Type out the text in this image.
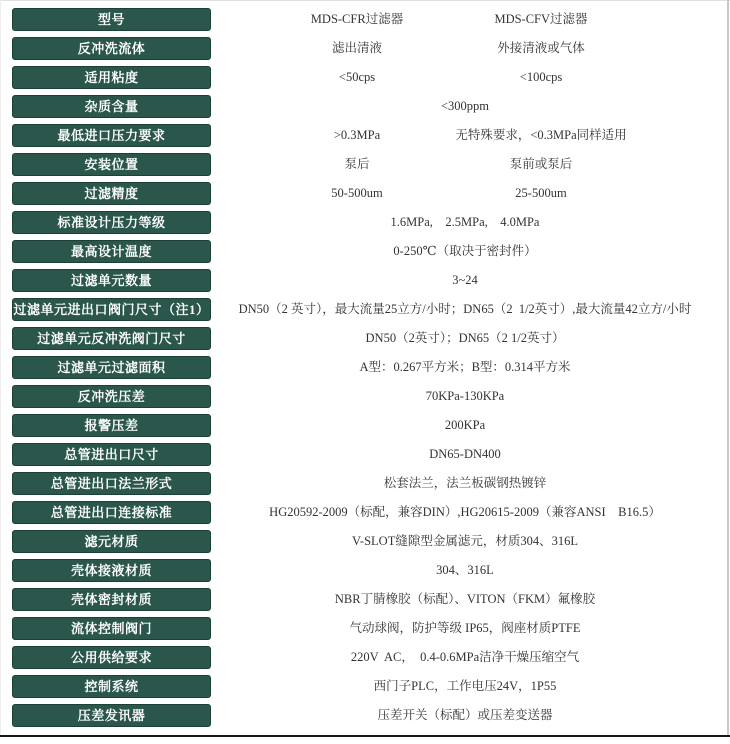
型号	MDS-CFR过滤器	MDS-CFV过滤器
反冲洗流体	滤出清液	外接清液或气体
适用粘度	<50cps	<100cps
杂质含量	<300ppm
最低进口压力要求	>0.3MPa	无特殊要求，<0.3MPa同样适用
安装位置	泵后	泵前或泵后
过滤精度	50-500um	25-500um
标准设计压力等级	1.6MPa,    2.5MPa,    4.0MPa
最高设计温度	0-250℃（取决于密封件）
过滤单元数量	3~24
过滤单元进出口阀门尺寸（注1） DN50（2 英寸），最大流量25立方/小时；DN65（2  1/2英寸）,最大流量42立方/小时
过滤单元反冲洗阀门尺寸	DN50（2英寸）；DN65（2 1/2英寸）
过滤单元过滤面积	A型：0.267平方米；B型：0.314平方米
反冲洗压差	70KPa-130KPa
报警压差	200KPa
总管进出口尺寸	DN65-DN400
总管进出口法兰形式	松套法兰，法兰板碳钢热镀锌
总管进出口连接标准	HG20592-2009（标配，兼容DIN）,HG20615-2009（兼容ANSI    B16.5）
滤元材质	V-SLOT缝隙型金属滤元，材质304、316L
壳体接液材质	304、316L
壳体密封材质	NBR丁腈橡胶（标配）、VITON（FKM）氟橡胶
流体控制阀门	气动球阀，防护等级 IP65，阀座材质PTFE
公用供给要求	220V  AC，  0.4-0.6MPa洁净干燥压缩空气
控制系统	西门子PLC，工作电压24V，1P55
压差发讯器	压差开关（标配）或压差变送器
